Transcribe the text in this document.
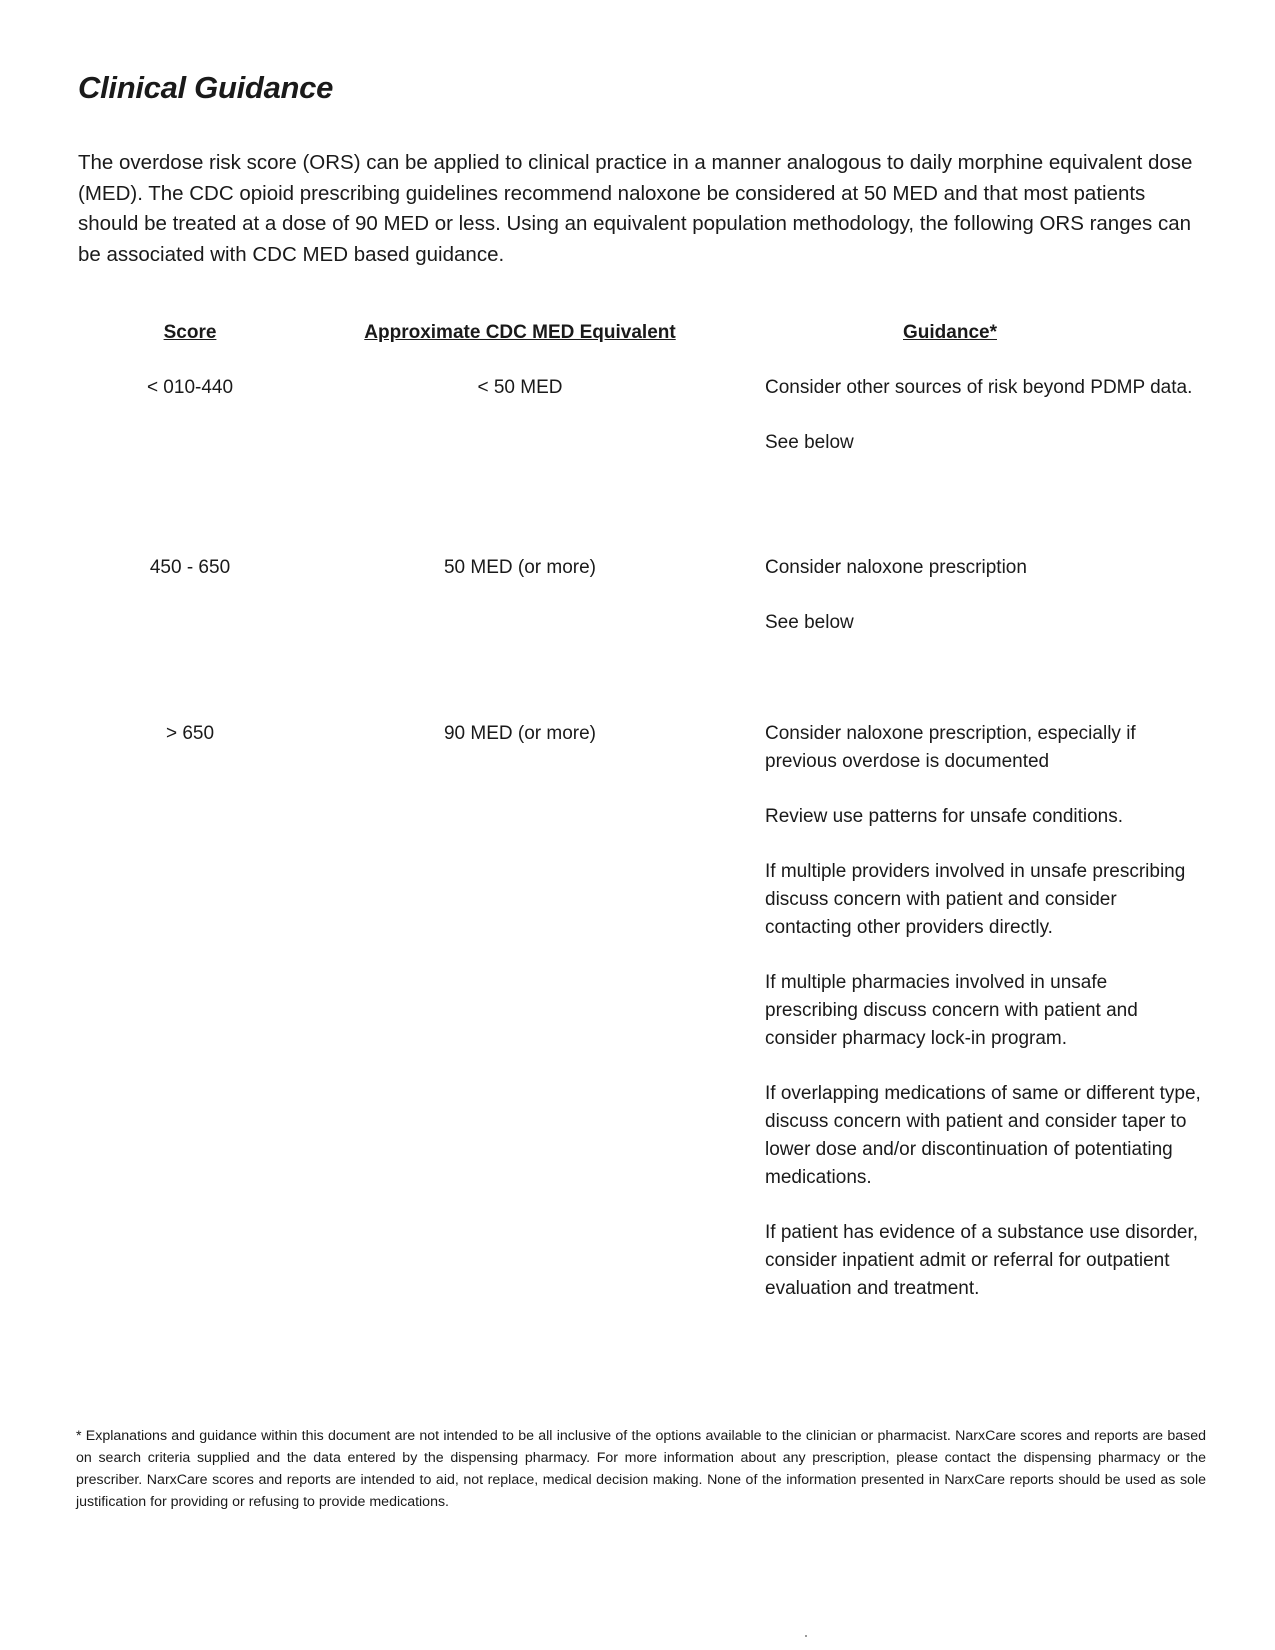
Clinical Guidance

The overdose risk score (ORS) can be applied to clinical practice in a manner analogous to daily morphine equivalent dose (MED). The CDC opioid prescribing guidelines recommend naloxone be considered at 50 MED and that most patients should be treated at a dose of 90 MED or less. Using an equivalent population methodology, the following ORS ranges can be associated with CDC MED based guidance.

Score	Approximate CDC MED Equivalent	Guidance*
< 010-440	< 50 MED	Consider other sources of risk beyond PDMP data.

See below

450 - 650	50 MED (or more)	Consider naloxone prescription

See below

> 650	90 MED (or more)	Consider naloxone prescription, especially if previous overdose is documented

Review use patterns for unsafe conditions.

If multiple providers involved in unsafe prescribing discuss concern with patient and consider contacting other providers directly.

If multiple pharmacies involved in unsafe prescribing discuss concern with patient and consider pharmacy lock-in program.

If overlapping medications of same or different type, discuss concern with patient and consider taper to lower dose and/or discontinuation of potentiating medications.

If patient has evidence of a substance use disorder, consider inpatient admit or referral for outpatient evaluation and treatment.

* Explanations and guidance within this document are not intended to be all inclusive of the options available to the clinician or pharmacist. NarxCare scores and reports are based on search criteria supplied and the data entered by the dispensing pharmacy. For more information about any prescription, please contact the dispensing pharmacy or the prescriber. NarxCare scores and reports are intended to aid, not replace, medical decision making. None of the information presented in NarxCare reports should be used as sole justification for providing or refusing to provide medications.
